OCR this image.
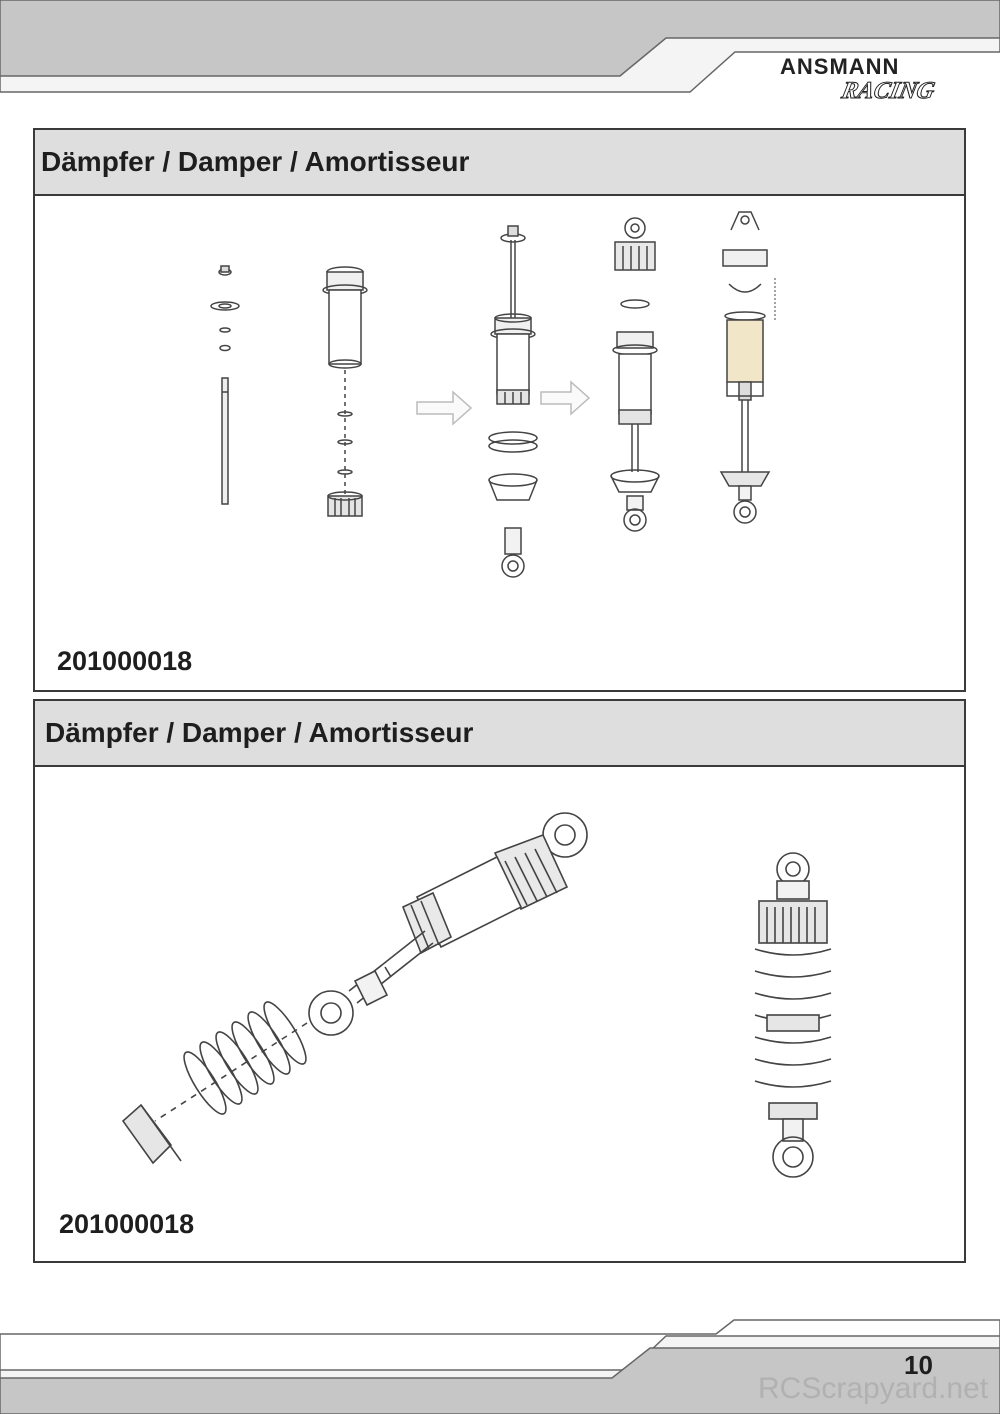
ANSMANN
RACING
Dämpfer / Damper / Amortisseur
201000018
Dämpfer / Damper / Amortisseur
201000018
10
RCScrapyard.net
